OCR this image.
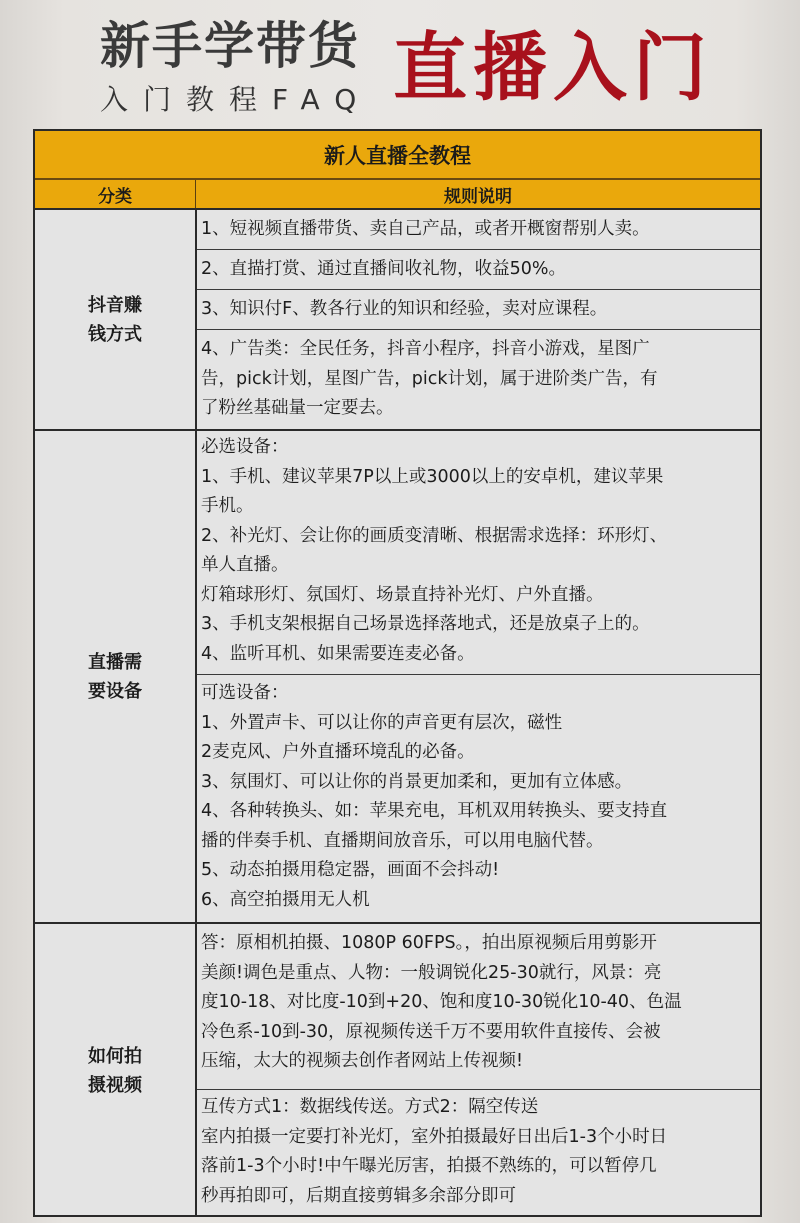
新手学带货
入门教程FAQ 直播入门
新人直播全教程
分类	规则说明
抖音赚
钱方式
1、短视频直播带货、卖自己产品，或者开概窗帮别人卖。
2、直描打赏、通过直播间收礼物，收益50%。
3、知识付F、教各行业的知识和经验，卖对应课程。
4、广告类：全民任务，抖音小程序，抖音小游戏，星图广
告，pick计划，星图广告，pick计划，属于进阶类广告，有
了粉丝基础量一定要去。
直播需
要设备
必选设备：
1、手机、建议苹果7P以上或3000以上的安卓机，建议苹果
手机。
2、补光灯、会让你的画质变清晰、根据需求选择：环形灯、
单人直播。
灯箱球形灯、氛国灯、场景直持补光灯、户外直播。
3、手机支架根据自己场景选择落地式，还是放桌子上的。
4、监听耳机、如果需要连麦必备。
可选设备：
1、外置声卡、可以让你的声音更有层次，磁性
2麦克风、户外直播环境乱的必备。
3、氛围灯、可以让你的肖景更加柔和，更加有立体感。
4、各种转换头、如：苹果充电，耳机双用转换头、要支持直
播的伴奏手机、直播期间放音乐，可以用电脑代替。
5、动态拍摄用稳定器，画面不会抖动!
6、高空拍摄用无人机
如何拍
摄视频
答：原相机拍摄、1080P 60FPS。，拍出原视频后用剪影开
美颜!调色是重点、人物：一般调锐化25-30就行，风景：亮
度10-18、对比度-10到+20、饱和度10-30锐化10-40、色温
冷色系-10到-30，原视频传送千万不要用软件直接传、会被
压缩，太大的视频去创作者网站上传视频!
互传方式1：数据线传送。方式2：隔空传送
室内拍摄一定要打补光灯，室外拍摄最好日出后1-3个小时日
落前1-3个小时!中午曝光厉害，拍摄不熟练的，可以暂停几
秒再拍即可，后期直接剪辑多余部分即可
